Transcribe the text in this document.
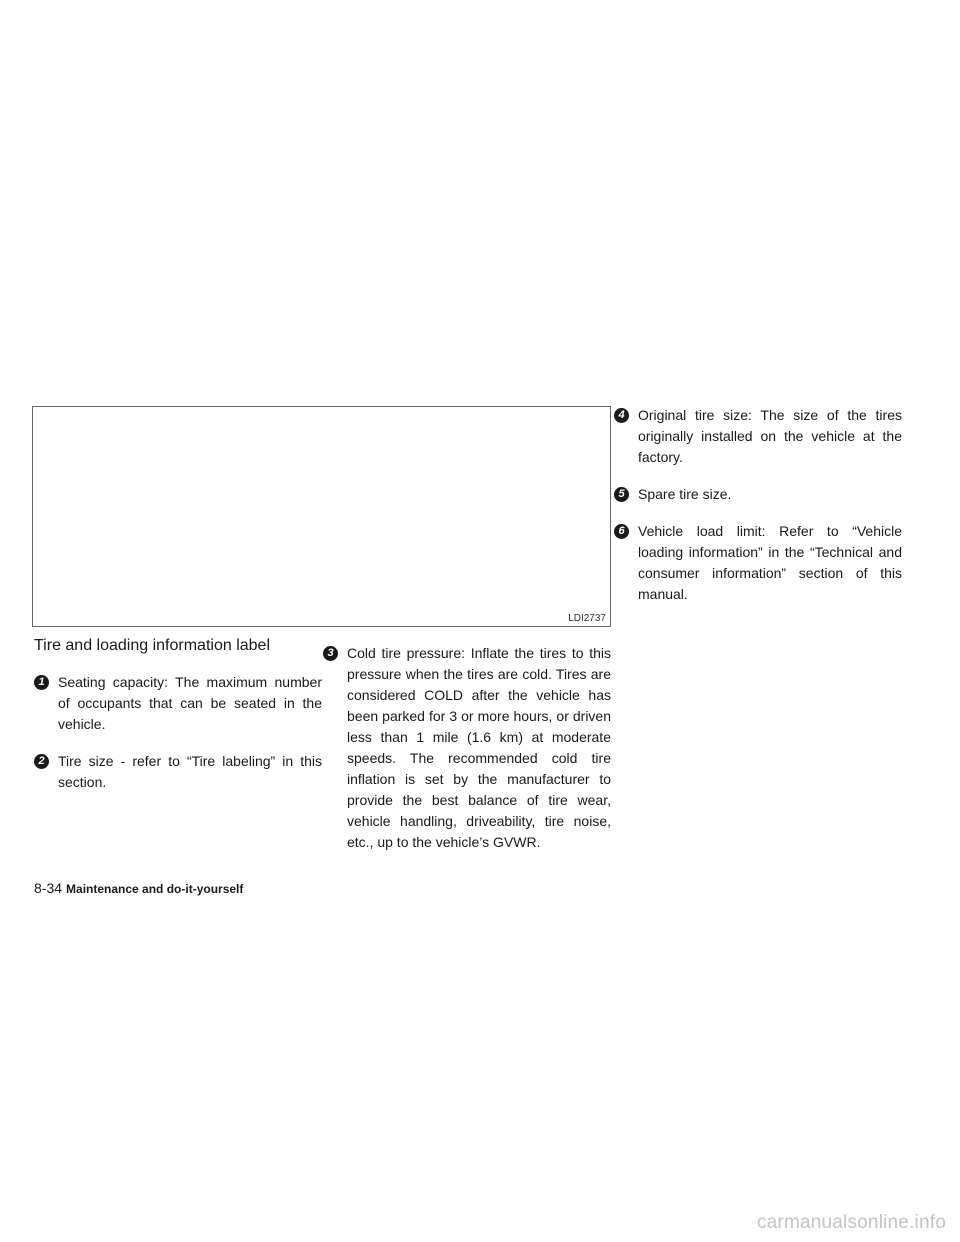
LDI2737
Tire and loading information label
1 Seating capacity: The maximum number of occupants that can be seated in the vehicle.
2 Tire size - refer to “Tire labeling” in this section.
3 Cold tire pressure: Inflate the tires to this pressure when the tires are cold. Tires are considered COLD after the vehicle has been parked for 3 or more hours, or driven less than 1 mile (1.6 km) at moderate speeds. The recommended cold tire inflation is set by the manufacturer to provide the best balance of tire wear, vehicle handling, driveability, tire noise, etc., up to the vehicle’s GVWR.
4 Original tire size: The size of the tires originally installed on the vehicle at the factory.
5 Spare tire size.
6 Vehicle load limit: Refer to “Vehicle loading information” in the “Technical and consumer information” section of this manual.
8-34 Maintenance and do-it-yourself
carmanualsonline.info
